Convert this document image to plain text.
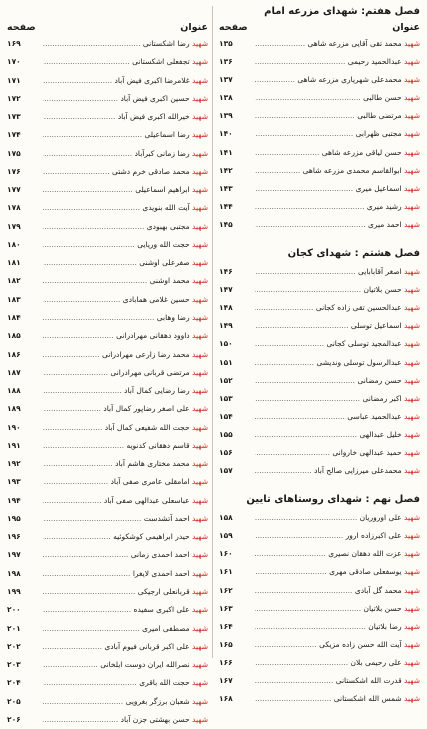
فصل هفتم: شهدای مزرعه امام
عنوان
صفحه
شهید محمد تقی آقایی مزرعه شاهی .....
۱۳۵
شهید عبدالحمید رحیمی .....
۱۳۶
شهید محمدعلی شهریاری مزرعه شاهی .....
۱۳۷
شهید حسن طالبی .....
۱۳۸
شهید مرتضی طالبی .....
۱۳۹
شهید مجتبی ظهرابی .....
۱۴۰
شهید حسن لیاقی مزرعه شاهی .....
۱۴۱
شهید ابوالقاسم محمدی مزرعه شاهی .....
۱۴۲
شهید اسماعیل میری .....
۱۴۳
شهید رشید میری .....
۱۴۴
شهید احمد میری .....
۱۴۵
فصل هشتم : شهدای کجان
شهید اصغر آقابابایی .....
۱۴۶
شهید حسن بلاتیان .....
۱۴۷
شهید عبدالحسین تقی زاده کجانی .....
۱۴۸
شهید اسماعیل توسلی .....
۱۴۹
شهید عبدالمجید توسلی کجانی .....
۱۵۰
شهید عبدالرسول توسلی وندیشی .....
۱۵۱
شهید حسن رمضانی .....
۱۵۲
شهید اکبر رمضانی .....
۱۵۳
شهید عبدالحمید عباسی .....
۱۵۴
شهید خلیل عبدالهی .....
۱۵۵
شهید حمید عبدالهی خاروانی .....
۱۵۶
شهید محمدعلی میرزایی صالح آباد .....
۱۵۷
فصل نهم : شهدای روستاهای تایین
شهید علی اوروریان .....
۱۵۸
شهید علی اکبرزاده ارور .....
۱۵۹
شهید عزت الله دهقان نصیری .....
۱۶۰
شهید یوسفعلی صادقی مهری .....
۱۶۱
شهید محمد گل آبادی .....
۱۶۲
شهید حسن بلاتیان .....
۱۶۳
شهید رضا بلاتیان .....
۱۶۴
شهید آیت الله حسن زاده مزیکی .....
۱۶۵
شهید علی رحیمی بلان .....
۱۶۶
شهید قدرت الله اشکستانی .....
۱۶۷
شهید شمس الله اشکستانی .....
۱۶۸
عنوان
صفحه
شهید رضا اشکستانی .....
۱۶۹
شهید تجفعلی اشکستانی .....
۱۷۰
شهید غلامرضا اکبری فیض آباد .....
۱۷۱
شهید حسین اکبری فیض آباد .....
۱۷۲
شهید خیرالله اکبری فیض آباد .....
۱۷۳
شهید رضا اسماعیلی .....
۱۷۴
شهید رضا زمانی کبرآباد .....
۱۷۵
شهید محمد صادقی خرم دشتی .....
۱۷۶
شهید ابراهیم اسماعیلی .....
۱۷۷
شهید آیت الله بنویدی .....
۱۷۸
شهید مجتبی بهبودی .....
۱۷۹
شهید حجت الله وریایی .....
۱۸۰
شهید صفرعلی اوشنی .....
۱۸۱
شهید محمد اوشنی .....
۱۸۲
شهید حسین غلامی همابادی .....
۱۸۳
شهید رضا وهابی .....
۱۸۴
شهید داوود دهقانی مهرادرانی .....
۱۸۵
شهید محمد رضا زارعی مهرادرانی .....
۱۸۶
شهید مرتضی قربانی مهرادرانی .....
۱۸۷
شهید رضا رضایی کمال آباد .....
۱۸۸
شهید علی اصغر رضاپور کمال آباد .....
۱۸۹
شهید حجت الله شفیعی کمال آباد .....
۱۹۰
شهید قاسم دهقانی کدنویه .....
۱۹۱
شهید محمد مختاری هاشم آباد .....
۱۹۲
شهید امامقلی عامری صفی آباد .....
۱۹۳
شهید عباسعلی عبدالهی صفی آباد .....
۱۹۴
شهید احمد آتشدست .....
۱۹۵
شهید حیدر ابراهیمی کوشکوئیه .....
۱۹۶
شهید احمد احمدی زمانی .....
۱۹۷
شهید احمد احمدی لایغرا .....
۱۹۸
شهید قربانعلی ارجیکی .....
۱۹۹
شهید علی اکبری سفیده .....
۲۰۰
شهید مصطفی امیری .....
۲۰۱
شهید علی اکبر قربانی فیوم آبادی .....
۲۰۲
شهید نصرالله ایران دوست ایلخانی .....
۲۰۳
شهید حجت الله باقری .....
۲۰۴
شهید شعبان برزگر بغرویی .....
۲۰۵
شهید حسن بهشتی جزن آباد .....
۲۰۶
